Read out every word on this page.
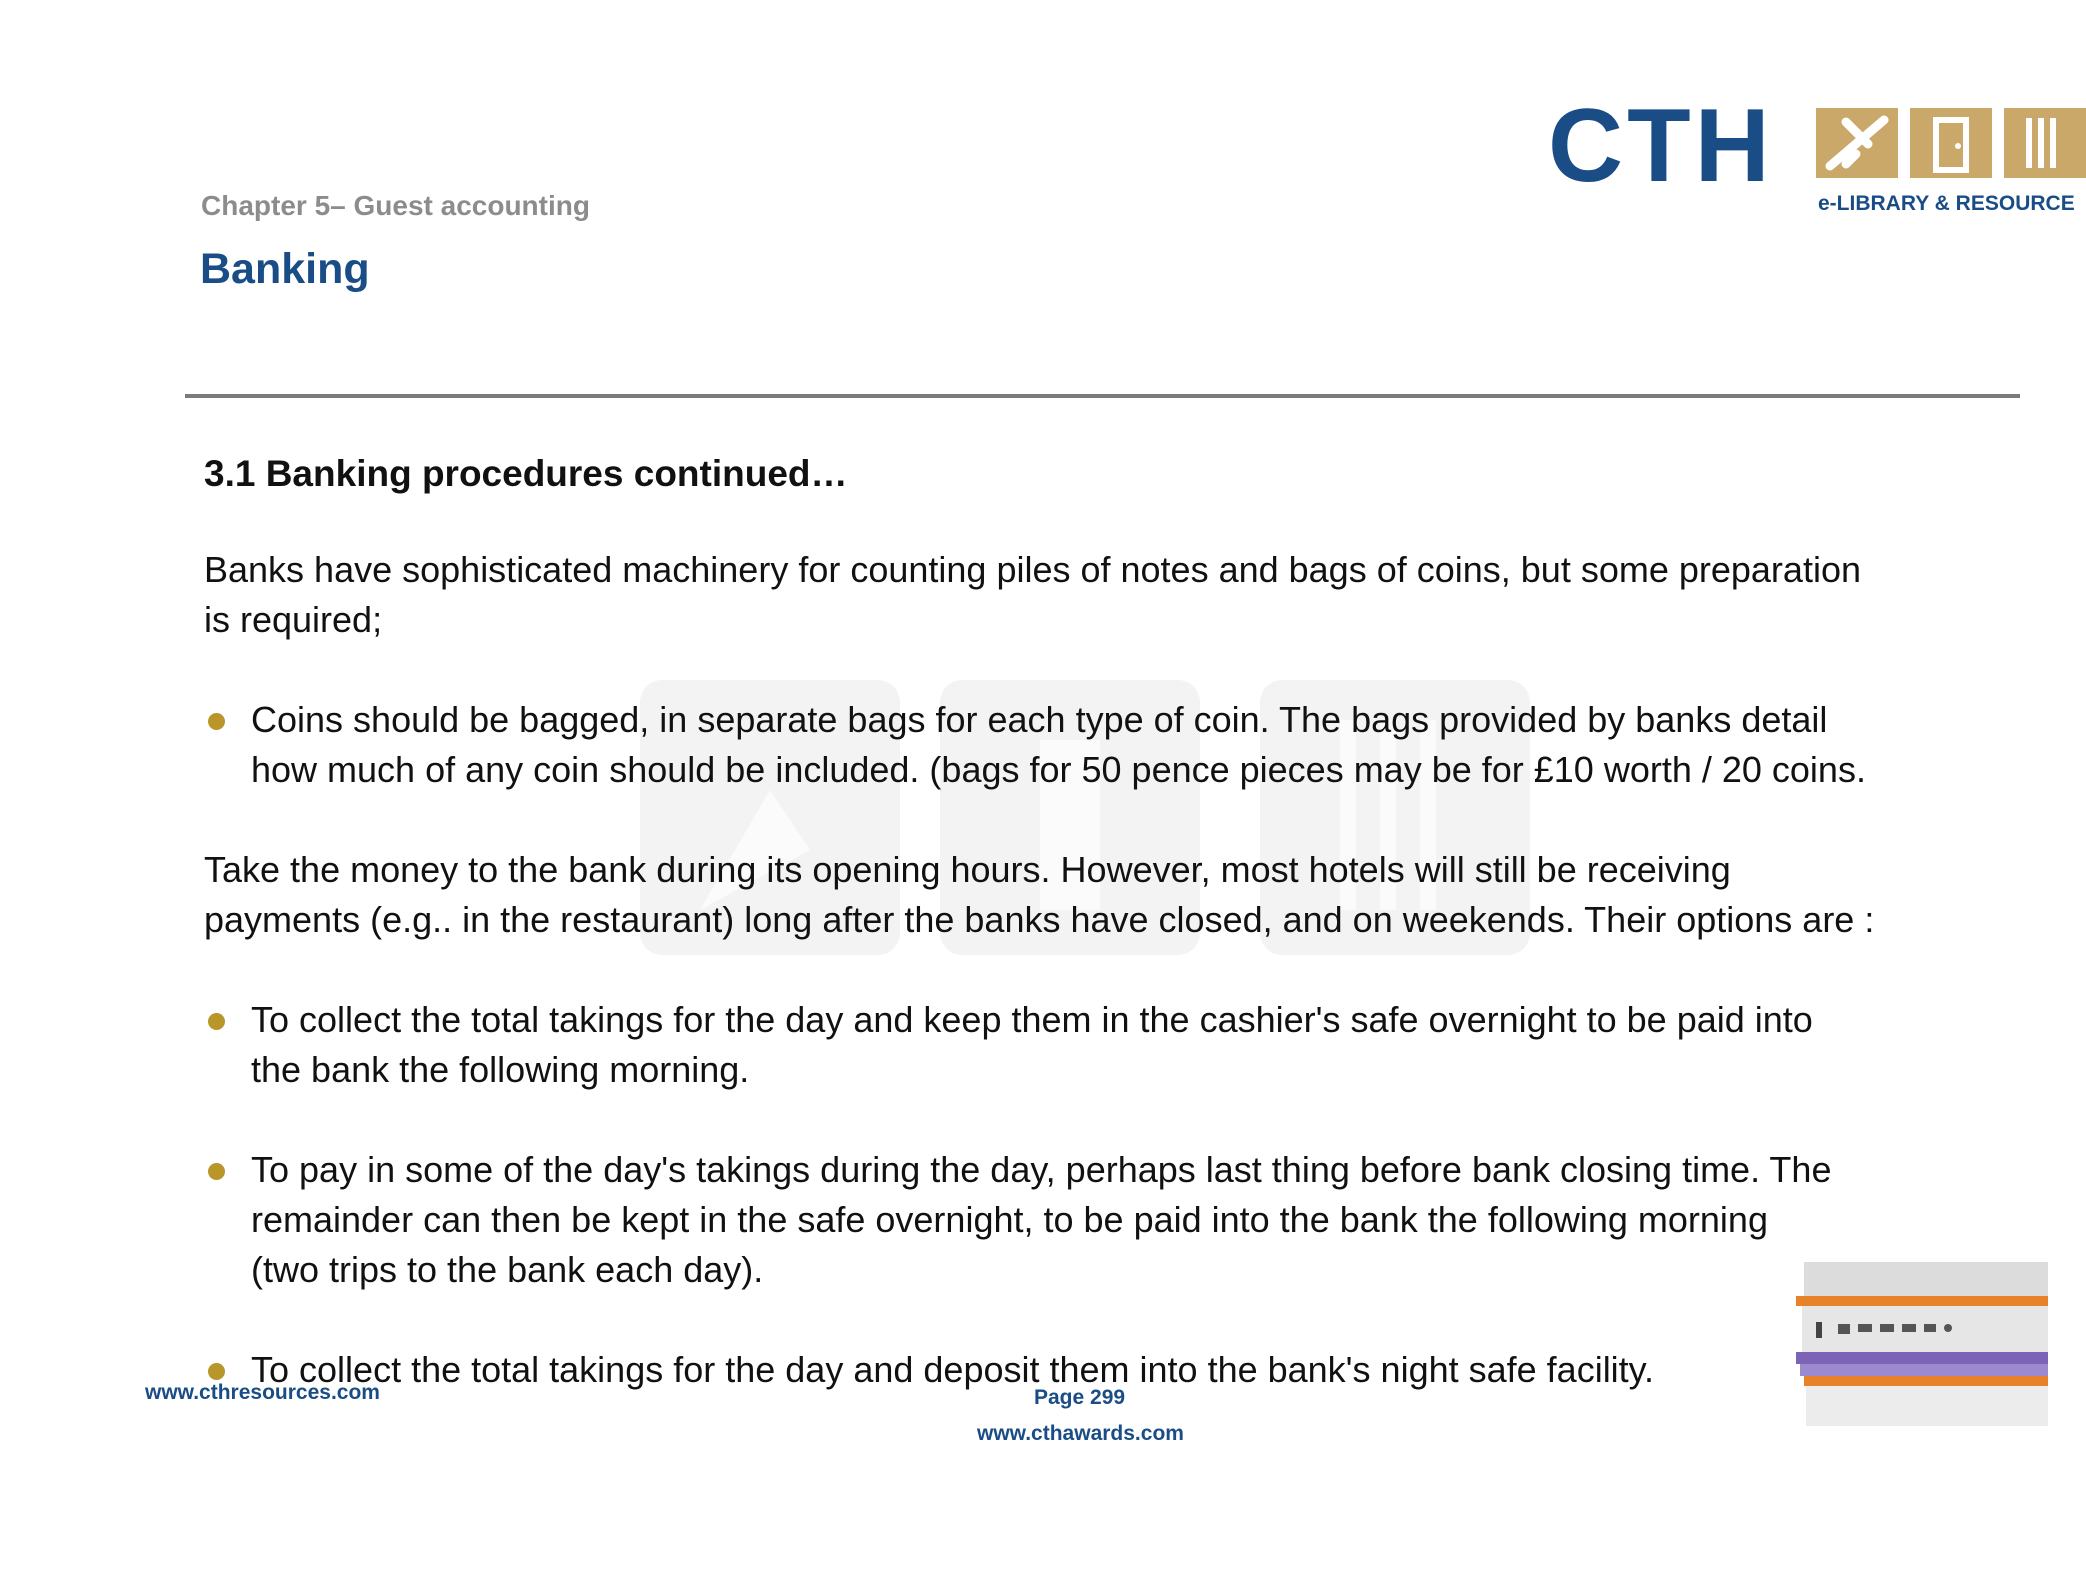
Chapter 5– Guest accounting
Banking
CTH e-LIBRARY & RESOURCE

3.1 Banking procedures continued…

Banks have sophisticated machinery for counting piles of notes and bags of coins, but some preparation
is required;

Coins should be bagged, in separate bags for each type of coin. The bags provided by banks detail
how much of any coin should be included. (bags for 50 pence pieces may be for £10 worth / 20 coins.

Take the money to the bank during its opening hours. However, most hotels will still be receiving
payments (e.g.. in the restaurant) long after the banks have closed, and on weekends. Their options are :

To collect the total takings for the day and keep them in the cashier's safe overnight to be paid into
the bank the following morning.
To pay in some of the day's takings during the day, perhaps last thing before bank closing time. The
remainder can then be kept in the safe overnight, to be paid into the bank the following morning
(two trips to the bank each day).
To collect the total takings for the day and deposit them into the bank's night safe facility.
www.cthresources.com	Page 299
www.cthawards.com
